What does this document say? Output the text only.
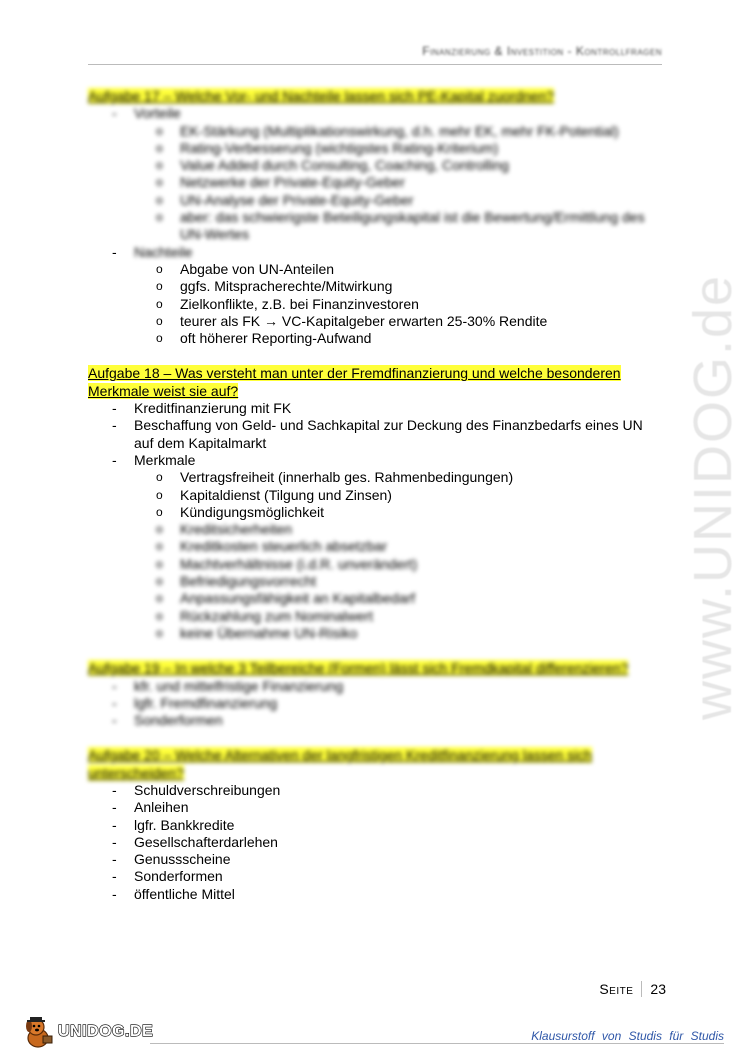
Finanzierung & Investition - Kontrollfragen
www.UNIDOG.de

Aufgabe 17 – Welche Vor- und Nachteile lassen sich PE-Kapital zuordnen?

- Vorteile
o EK-Stärkung (Multiplikationswirkung, d.h. mehr EK, mehr FK-Potential)
o Rating-Verbesserung (wichtigstes Rating-Kriterium)
o Value Added durch Consulting, Coaching, Controlling
o Netzwerke der Private-Equity-Geber
o UN-Analyse der Private-Equity-Geber
o aber: das schwierigste Beteiligungskapital ist die Bewertung/Ermittlung des UN-Wertes
- Nachteile
o Abgabe von UN-Anteilen
o ggfs. Mitspracherechte/Mitwirkung
o Zielkonflikte, z.B. bei Finanzinvestoren
o teurer als FK → VC-Kapitalgeber erwarten 25-30% Rendite
o oft höherer Reporting-Aufwand

Aufgabe 18 – Was versteht man unter der Fremdfinanzierung und welche besonderen Merkmale weist sie auf?

- Kreditfinanzierung mit FK
- Beschaffung von Geld- und Sachkapital zur Deckung des Finanzbedarfs eines UN auf dem Kapitalmarkt
- Merkmale
o Vertragsfreiheit (innerhalb ges. Rahmenbedingungen)
o Kapitaldienst (Tilgung und Zinsen)
o Kündigungsmöglichkeit
o Kreditsicherheiten
o Kreditkosten steuerlich absetzbar
o Machtverhältnisse (i.d.R. unverändert)
o Befriedigungsvorrecht
o Anpassungsfähigkeit an Kapitalbedarf
o Rückzahlung zum Nominalwert
o keine Übernahme UN-Risiko

Aufgabe 19 – In welche 3 Teilbereiche (Formen) lässt sich Fremdkapital differenzieren?

- kfr. und mittelfristige Finanzierung
- lgfr. Fremdfinanzierung
- Sonderformen

Aufgabe 20 – Welche Alternativen der langfristigen Kreditfinanzierung lassen sich unterscheiden?

- Schuldverschreibungen
- Anleihen
- lgfr. Bankkredite
- Gesellschafterdarlehen
- Genussscheine
- Sonderformen
- öffentliche Mittel
Seite 23
UNIDOG.DE	Klausurstoff von Studis für Studis
